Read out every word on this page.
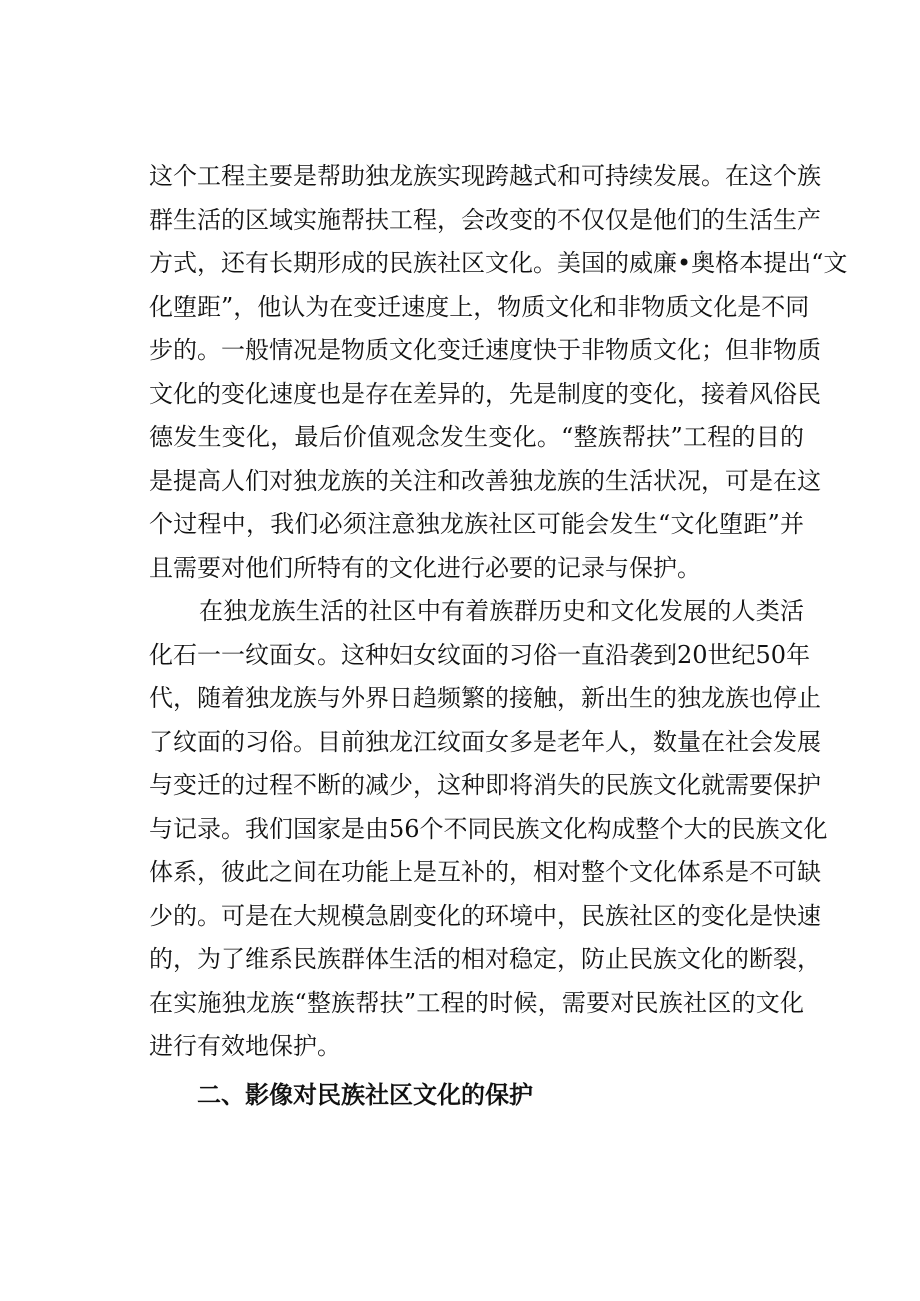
这个工程主要是帮助独龙族实现跨越式和可持续发展。在这个族
群生活的区域实施帮扶工程，会改变的不仅仅是他们的生活生产
方式，还有长期形成的民族社区文化。美国的威廉•奥格本提出“文
化堕距”，他认为在变迁速度上，物质文化和非物质文化是不同
步的。一般情况是物质文化变迁速度快于非物质文化；但非物质
文化的变化速度也是存在差异的，先是制度的变化，接着风俗民
德发生变化，最后价值观念发生变化。“整族帮扶”工程的目的
是提高人们对独龙族的关注和改善独龙族的生活状况，可是在这
个过程中，我们必须注意独龙族社区可能会发生“文化堕距”并
且需要对他们所特有的文化进行必要的记录与保护。
在独龙族生活的社区中有着族群历史和文化发展的人类活
化石一一纹面女。这种妇女纹面的习俗一直沿袭到20世纪50年
代，随着独龙族与外界日趋频繁的接触，新出生的独龙族也停止
了纹面的习俗。目前独龙江纹面女多是老年人，数量在社会发展
与变迁的过程不断的减少，这种即将消失的民族文化就需要保护
与记录。我们国家是由56个不同民族文化构成整个大的民族文化
体系，彼此之间在功能上是互补的，相对整个文化体系是不可缺
少的。可是在大规模急剧变化的环境中，民族社区的变化是快速
的，为了维系民族群体生活的相对稳定，防止民族文化的断裂，
在实施独龙族“整族帮扶”工程的时候，需要对民族社区的文化
进行有效地保护。
二、影像对民族社区文化的保护
